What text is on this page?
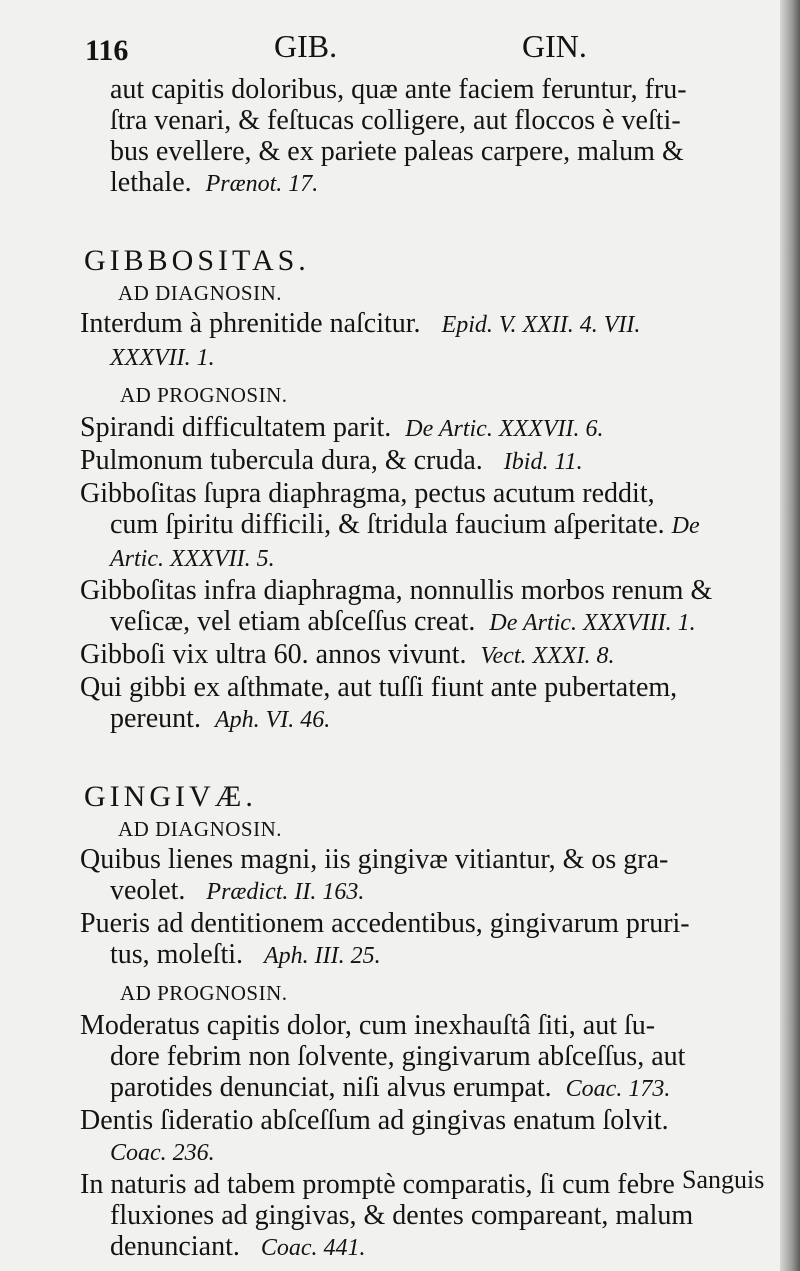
116	GIB.	GIN.

aut capitis doloribus, quæ ante faciem feruntur, fru-

ſtra venari, & feſtucas colligere, aut floccos è veſti-

bus evellere, & ex pariete paleas carpere, malum &

lethale. Prænot. 17.

GIBBOSITAS.

AD DIAGNOSIN.

Interdum à phrenitide naſcitur. Epid. V. XXII. 4. VII.

XXXVII. 1.

AD PROGNOSIN.

Spirandi difficultatem parit. De Artic. XXXVII. 6.

Pulmonum tubercula dura, & cruda. Ibid. 11.

Gibboſitas ſupra diaphragma, pectus acutum reddit,

cum ſpiritu difficili, & ſtridula faucium aſperitate. De

Artic. XXXVII. 5.

Gibboſitas infra diaphragma, nonnullis morbos renum &

veſicæ, vel etiam abſceſſus creat. De Artic. XXXVIII. 1.

Gibboſi vix ultra 60. annos vivunt. Vect. XXXI. 8.

Qui gibbi ex aſthmate, aut tuſſi fiunt ante pubertatem,

pereunt. Aph. VI. 46.

GINGIVÆ.

AD DIAGNOSIN.

Quibus lienes magni, iis gingivæ vitiantur, & os gra-

veolet. Prædict. II. 163.

Pueris ad dentitionem accedentibus, gingivarum prurі-

tus, moleſti. Aph. III. 25.

AD PROGNOSIN.

Moderatus capitis dolor, cum inexhauſtâ ſiti, aut ſu-

dore febrim non ſolvente, gingivarum abſceſſus, aut

parotides denunciat, niſi alvus erumpat. Coac. 173.

Dentis ſideratio abſceſſum ad gingivas enatum ſolvit.

Coac. 236.

In naturis ad tabem promptè comparatis, ſi cum febre

fluxiones ad gingivas, & dentes compareant, malum

denunciant. Coac. 441.

Sanguis
